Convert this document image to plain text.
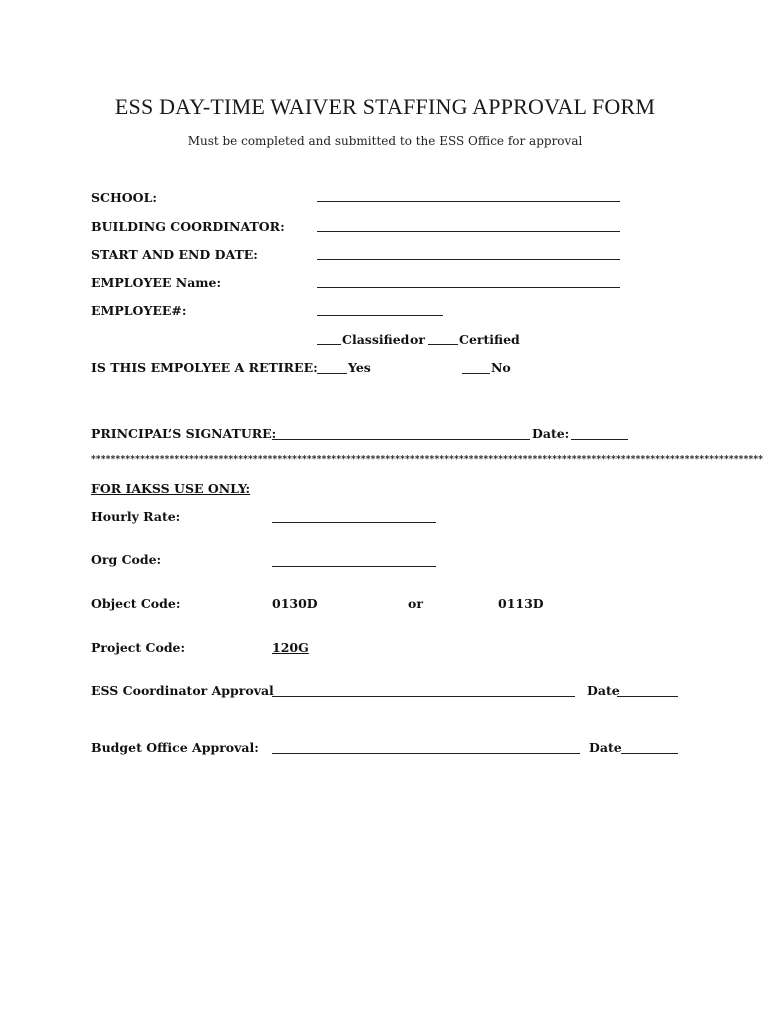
ESS DAY-TIME WAIVER STAFFING APPROVAL FORM
Must be completed and submitted to the ESS Office for approval
SCHOOL:
BUILDING COORDINATOR:
START AND END DATE:
EMPLOYEE Name:
EMPLOYEE#:
Classified or	Certified
IS THIS EMPOLYEE A RETIREE: Yes	No
PRINCIPAL’S SIGNATURE:	Date:
*****************************************************************************************************************************************
FOR IAKSS USE ONLY:
Hourly Rate:
Org Code:
Object Code:	0130D	or	0113D
Project Code:	120G
ESS Coordinator Approval	Date
Budget Office Approval:	Date
